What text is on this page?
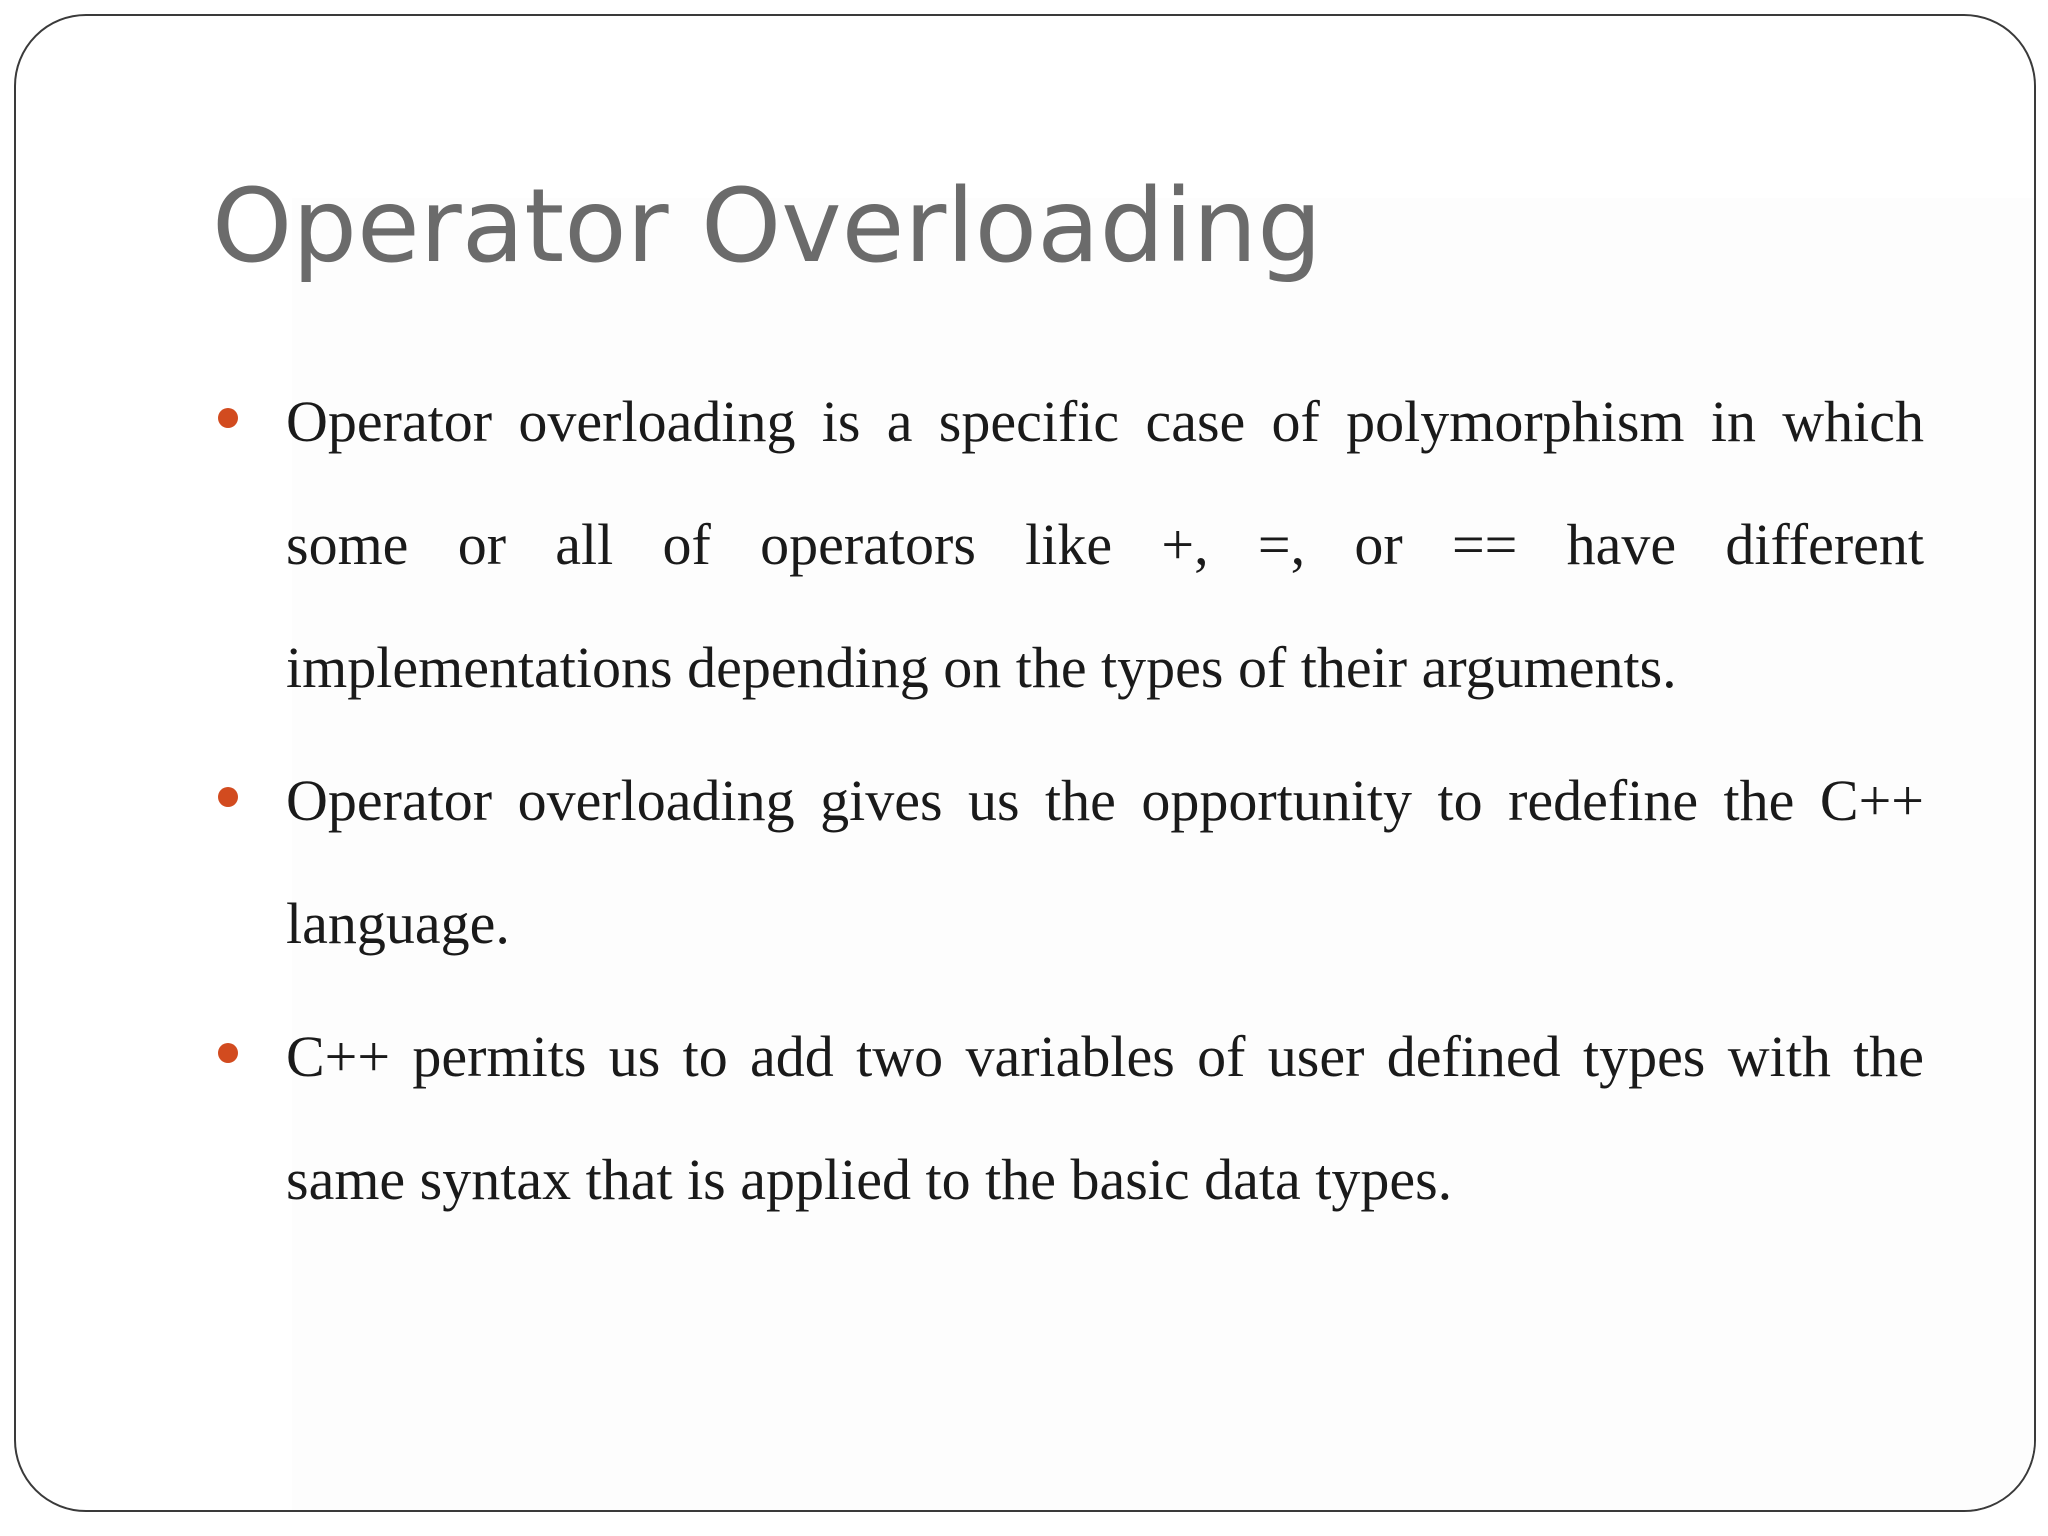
Operator Overloading
Operator overloading is a specific case of polymorphism in which some or all of operators like +, =, or == have different implementations depending on the types of their arguments.
Operator overloading gives us the opportunity to redefine the C++ language.
C++ permits us to add two variables of user defined types with the same syntax that is applied to the basic data types.
